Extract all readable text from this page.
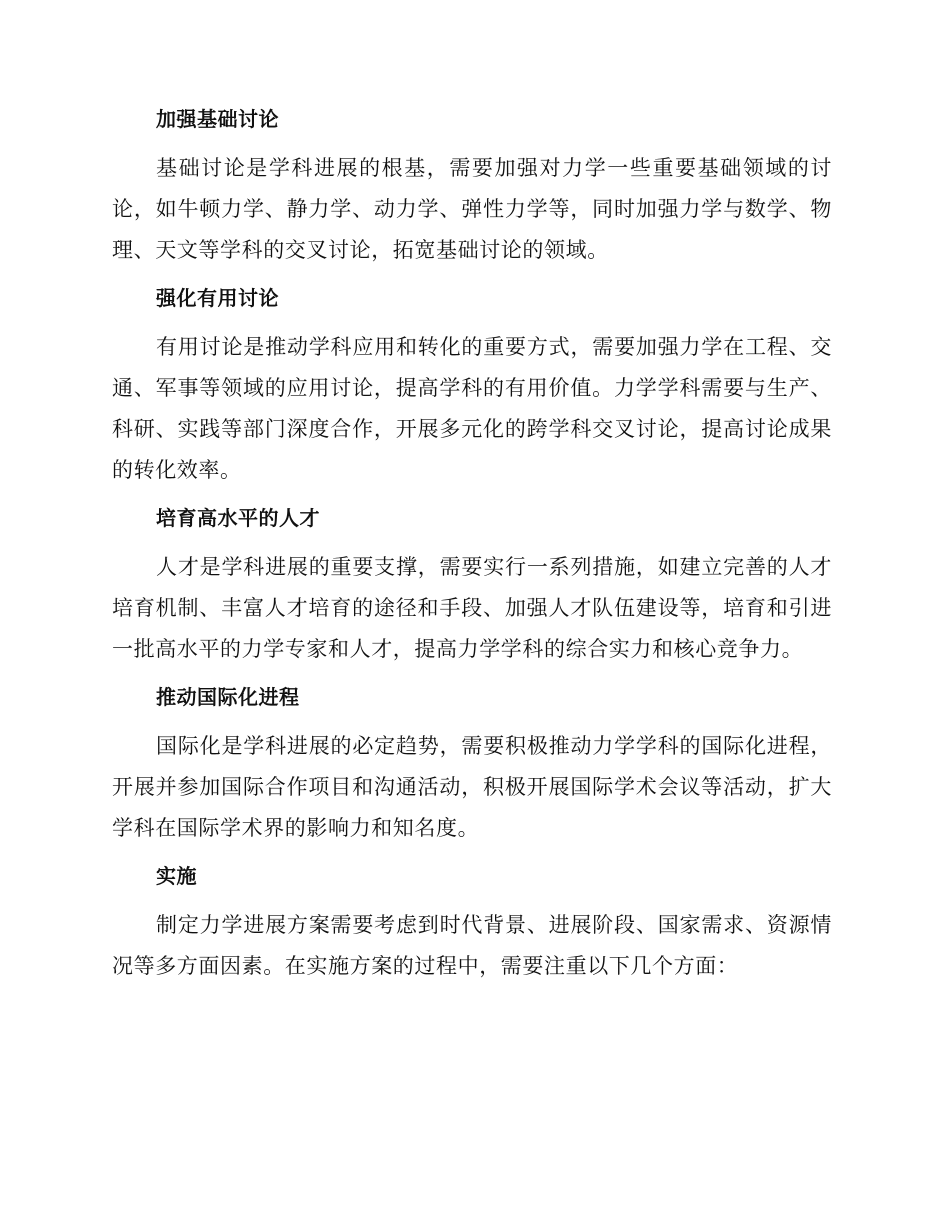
加强基础讨论

基础讨论是学科进展的根基，需要加强对力学一些重要基础领域的讨论，如牛顿力学、静力学、动力学、弹性力学等，同时加强力学与数学、物理、天文等学科的交叉讨论，拓宽基础讨论的领域。

强化有用讨论

有用讨论是推动学科应用和转化的重要方式，需要加强力学在工程、交通、军事等领域的应用讨论，提高学科的有用价值。力学学科需要与生产、科研、实践等部门深度合作，开展多元化的跨学科交叉讨论，提高讨论成果的转化效率。

培育高水平的人才

人才是学科进展的重要支撑，需要实行一系列措施，如建立完善的人才培育机制、丰富人才培育的途径和手段、加强人才队伍建设等，培育和引进一批高水平的力学专家和人才，提高力学学科的综合实力和核心竞争力。

推动国际化进程

国际化是学科进展的必定趋势，需要积极推动力学学科的国际化进程，开展并参加国际合作项目和沟通活动，积极开展国际学术会议等活动，扩大学科在国际学术界的影响力和知名度。

实施

制定力学进展方案需要考虑到时代背景、进展阶段、国家需求、资源情况等多方面因素。在实施方案的过程中，需要注重以下几个方面：
